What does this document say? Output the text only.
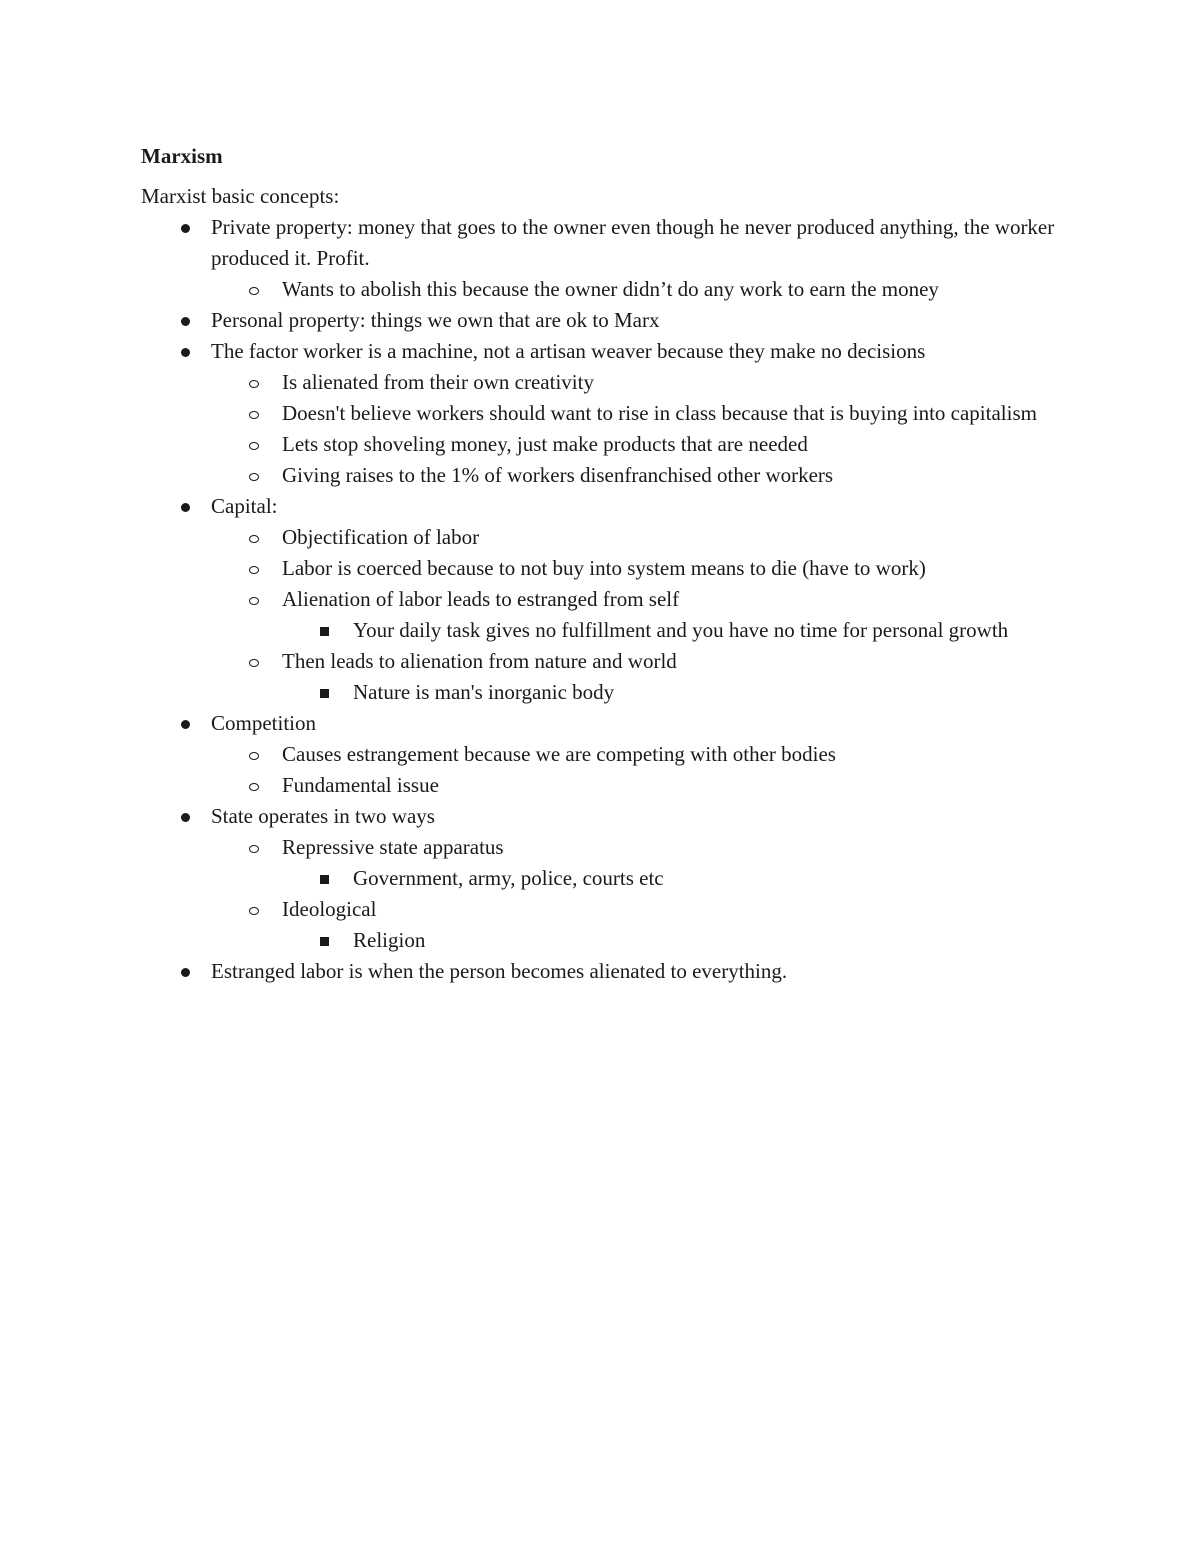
Marxism
Marxist basic concepts:
Private property: money that goes to the owner even though he never produced anything, the worker produced it. Profit.
Wants to abolish this because the owner didn’t do any work to earn the money
Personal property: things we own that are ok to Marx
The factor worker is a machine, not a artisan weaver because they make no decisions
Is alienated from their own creativity
Doesn't believe workers should want to rise in class because that is buying into capitalism
Lets stop shoveling money, just make products that are needed
Giving raises to the 1% of workers disenfranchised other workers
Capital:
Objectification of labor
Labor is coerced because to not buy into system means to die (have to work)
Alienation of labor leads to estranged from self
Your daily task gives no fulfillment and you have no time for personal growth
Then leads to alienation from nature and world
Nature is man's inorganic body
Competition
Causes estrangement because we are competing with other bodies
Fundamental issue
State operates in two ways
Repressive state apparatus
Government, army, police, courts etc
Ideological
Religion
Estranged labor is when the person becomes alienated to everything.
